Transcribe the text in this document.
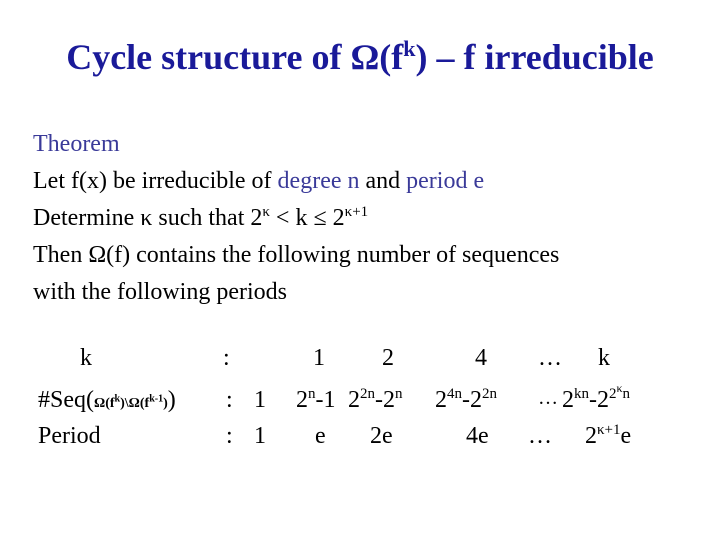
Cycle structure of $\Omega(f^k)$ – f irreducible
Theorem
Let f(x) be irreducible of degree n and period e
Determine κ such that $2^\kappa < k \le 2^{\kappa+1}$
Then Ω(f) contains the following number of sequences
with the following periods
k	:	1 2	4 … k
$\#Seq(\Omega(f^k)\backslash\Omega(f^{k-1}))$ : 1 2$^n$-1 $2^{2n}-2^n$ $2^{4n}-2^{2n}$ … $2^{kn}-2^{2^\kappa n}$
Period	: 1 e 2e	4e … $2^{\kappa+1}e$
